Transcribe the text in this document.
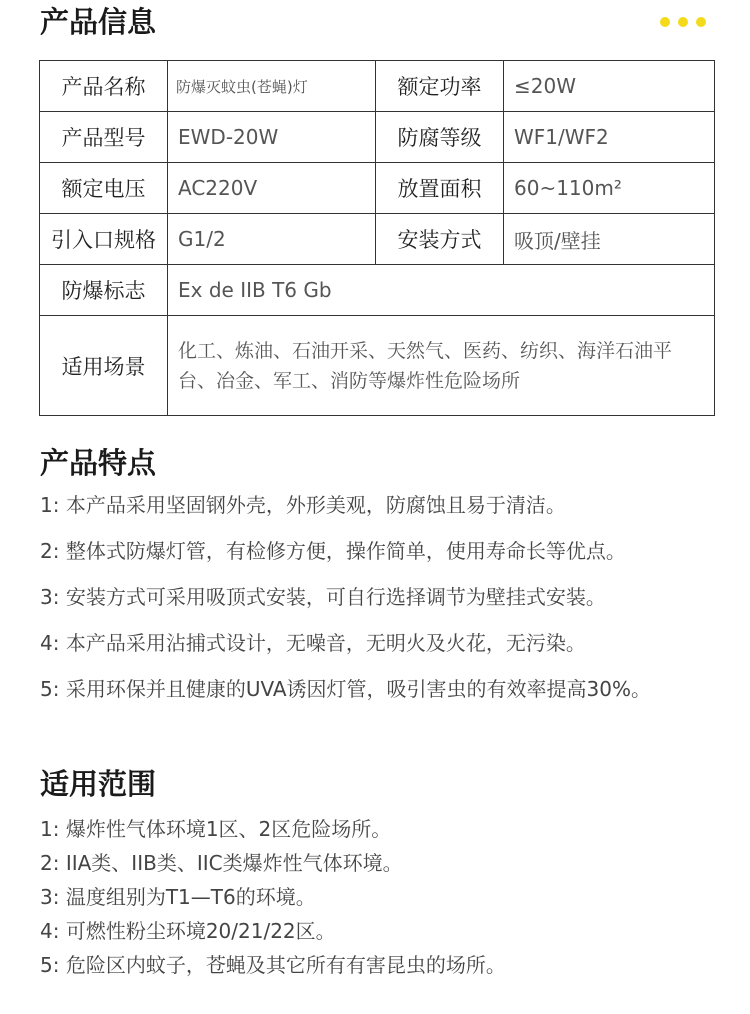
产品信息
产品名称	防爆灭蚊虫(苍蝇)灯	额定功率	≤20W
产品型号	EWD-20W	防腐等级	WF1/WF2
额定电压	AC220V	放置面积	60~110m²
引入口规格	G1/2	安装方式	吸顶/壁挂
防爆标志	Ex de IIB T6 Gb		
适用场景	化工、炼油、石油开采、天然气、医药、纺织、海洋石油平台、冶金、军工、消防等爆炸性危险场所		
产品特点
1: 本产品采用坚固钢外壳，外形美观，防腐蚀且易于清洁。
2: 整体式防爆灯管，有检修方便，操作简单，使用寿命长等优点。
3: 安装方式可采用吸顶式安装，可自行选择调节为壁挂式安装。
4: 本产品采用沾捕式设计，无噪音，无明火及火花，无污染。
5: 采用环保并且健康的UVA诱因灯管，吸引害虫的有效率提高30%。
适用范围
1: 爆炸性气体环境1区、2区危险场所。
2: IIA类、IIB类、IIC类爆炸性气体环境。
3: 温度组别为T1—T6的环境。
4: 可燃性粉尘环境20/21/22区。
5: 危险区内蚊子，苍蝇及其它所有有害昆虫的场所。
